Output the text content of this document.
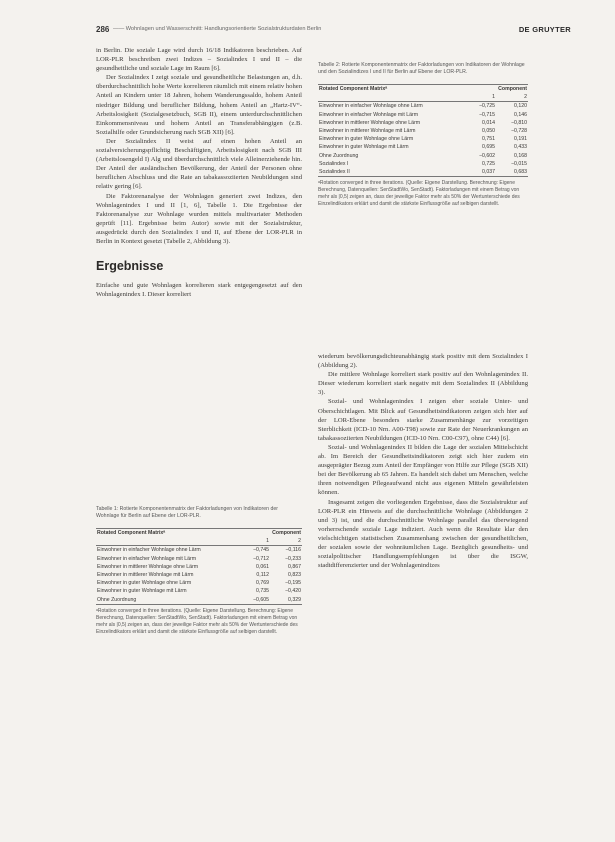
286 —— Wohnlagen und Wasserschnitt: Handlungsorientierte Sozialstrukturdaten Berlin	DE GRUYTER

in Berlin. Die soziale Lage wird durch 16/18 Indikatoren beschrieben. Auf LOR-PLR beschreiben zwei Indizes – Sozialindex I und II – die gesundheitliche und soziale Lage im Raum [6].

Der Sozialindex I zeigt soziale und gesundheitliche Belastungen an, d.h. überdurchschnittlich hohe Werte korrelieren räumlich mit einem relativ hohen Anteil an Kindern unter 18 Jahren, hohem Wanderungssaldo, hohem Anteil niedriger Bildung und beruflicher Bildung, hohem Anteil an „Hartz-IV“-Arbeitslosigkeit (Sozialgesetzbuch, SGB II), einem unterdurchschnittlichen Einkommensniveau und hohem Anteil an Transferabhängigen (z.B. Sozialhilfe oder Grundsicherung nach SGB XII) [6].

Der Sozialindex II weist auf einen hohen Anteil an sozialversicherungspflichtig Beschäftigten, Arbeitslosigkeit nach SGB III (Arbeitslosengeld I) Alg und überdurchschnittlich viele Alleinerziehende hin. Der Anteil der ausländischen Bevölkerung, der Anteil der Personen ohne beruflichen Abschluss und die Rate an tabakassoziierten Neubildungen sind relativ gering [6].

Die Faktorenanalyse der Wohnlagen generiert zwei Indizes, den Wohnlagenindex I und II [1, 6], Tabelle 1. Die Ergebnisse der Faktorenanalyse zur Wohnlage wurden mittels multivariater Methoden geprüft [11]. Ergebnisse beim Autor) sowie mit der Sozialstruktur, ausgedrückt durch den Sozialindex I und II, auf Ebene der LOR-PLR in Berlin in Kontext gesetzt (Tabelle 2, Abbildung 3).

Ergebnisse

Einfache und gute Wohnlagen korrelieren stark entgegengesetzt auf den Wohnlagenindex I. Dieser korreliert

Tabelle 1: Rotierte Komponentenmatrix der Faktorladungen von Indikatoren der Wohnlage für Berlin auf Ebene der LOR-PLR.
Rotated Component Matrixᵃ		Component
	1	2
Einwohner in einfacher Wohnlage ohne Lärm	−0,745	−0,116
Einwohner in einfacher Wohnlage mit Lärm	−0,712	−0,233
Einwohner in mittlerer Wohnlage ohne Lärm	0,061	0,867
Einwohner in mittlerer Wohnlage mit Lärm	0,112	0,823
Einwohner in guter Wohnlage ohne Lärm	0,769	−0,195
Einwohner in guter Wohnlage mit Lärm	0,735	−0,420
Ohne Zuordnung	−0,605	0,329
ᵃRotation converged in three iterations. (Quelle: Eigene Darstellung. Berechnung: Eigene Berechnung, Datenquellen: SenStadtWo, SenStadt). Faktorladungen mit einem Betrag von mehr als |0,5| zeigen an, dass der jeweilige Faktor mehr als 50% der Wertunterschiede des Einzelindikators erklärt und damit die stärkste Einflussgröße auf selbigen darstellt.
Tabelle 2: Rotierte Komponentenmatrix der Faktorladungen von Indikatoren der Wohnlage und den Sozialindizes I und II für Berlin auf Ebene der LOR-PLR.
Rotated Component Matrixᵃ		Component
	1	2
Einwohner in einfacher Wohnlage ohne Lärm	−0,725	0,120
Einwohner in einfacher Wohnlage mit Lärm	−0,715	0,146
Einwohner in mittlerer Wohnlage ohne Lärm	0,014	−0,810
Einwohner in mittlerer Wohnlage mit Lärm	0,050	−0,728
Einwohner in guter Wohnlage ohne Lärm	0,751	0,191
Einwohner in guter Wohnlage mit Lärm	0,695	0,433
Ohne Zuordnung	−0,602	0,168
Sozialindex I	0,725	−0,015
Sozialindex II	0,037	0,683
ᵃRotation converged in three iterations. (Quelle: Eigene Darstellung. Berechnung: Eigene Berechnung, Datenquellen: SenStadtWo, SenStadt). Faktorladungen mit einem Betrag von mehr als |0,5| zeigen an, dass der jeweilige Faktor mehr als 50% der Wertunterschiede des Einzelindikators erklärt und damit die stärkste Einflussgröße auf selbigen darstellt.

wiederum bevölkerungsdichteunabhängig stark positiv mit dem Sozialindex I (Abbildung 2).

Die mittlere Wohnlage korreliert stark positiv auf den Wohnlagenindex II. Dieser wiederum korreliert stark negativ mit dem Sozialindex II (Abbildung 3).

Sozial- und Wohnlagenindex I zeigen eher soziale Unter- und Oberschichtlagen. Mit Blick auf Gesundheitsindikatoren zeigen sich hier auf der LOR-Ebene besonders starke Zusammenhänge zur vorzeitigen Sterblichkeit (ICD-10 Nrn. A00-T98) sowie zur Rate der Neuerkrankungen an tabakassoziierten Neubildungen (ICD-10 Nrn. C00-C97), ohne C44) [6].

Sozial- und Wohnlagenindex II bilden die Lage der sozialen Mittelschicht ab. Im Bereich der Gesundheitsindikatoren zeigt sich hier zudem ein ausgeprägter Bezug zum Anteil der Empfänger von Hilfe zur Pflege (SGB XII) bei der Bevölkerung ab 65 Jahren. Es handelt sich dabei um Menschen, welche ihren notwendigen Pflegeaufwand nicht aus eigenen Mitteln gewährleisten können.

Insgesamt zeigen die vorliegenden Ergebnisse, dass die Sozialstruktur auf LOR-PLR ein Hinweis auf die durchschnittliche Wohnlage (Abbildungen 2 und 3) ist, und die durchschnittliche Wohnlage parallel das überwiegend vorherrschende soziale Lage indiziert. Auch wenn die Resultate klar den vielschichtigen statistischen Zusammenhang zwischen der gesundheitlichen, der sozialen sowie der wohnräumlichen Lage. Bezüglich gesundheits- und sozialpolitischer Handlungsempfehlungen ist über die ISGW, stadtdifferenzierter und der Wohnlagenindizes
